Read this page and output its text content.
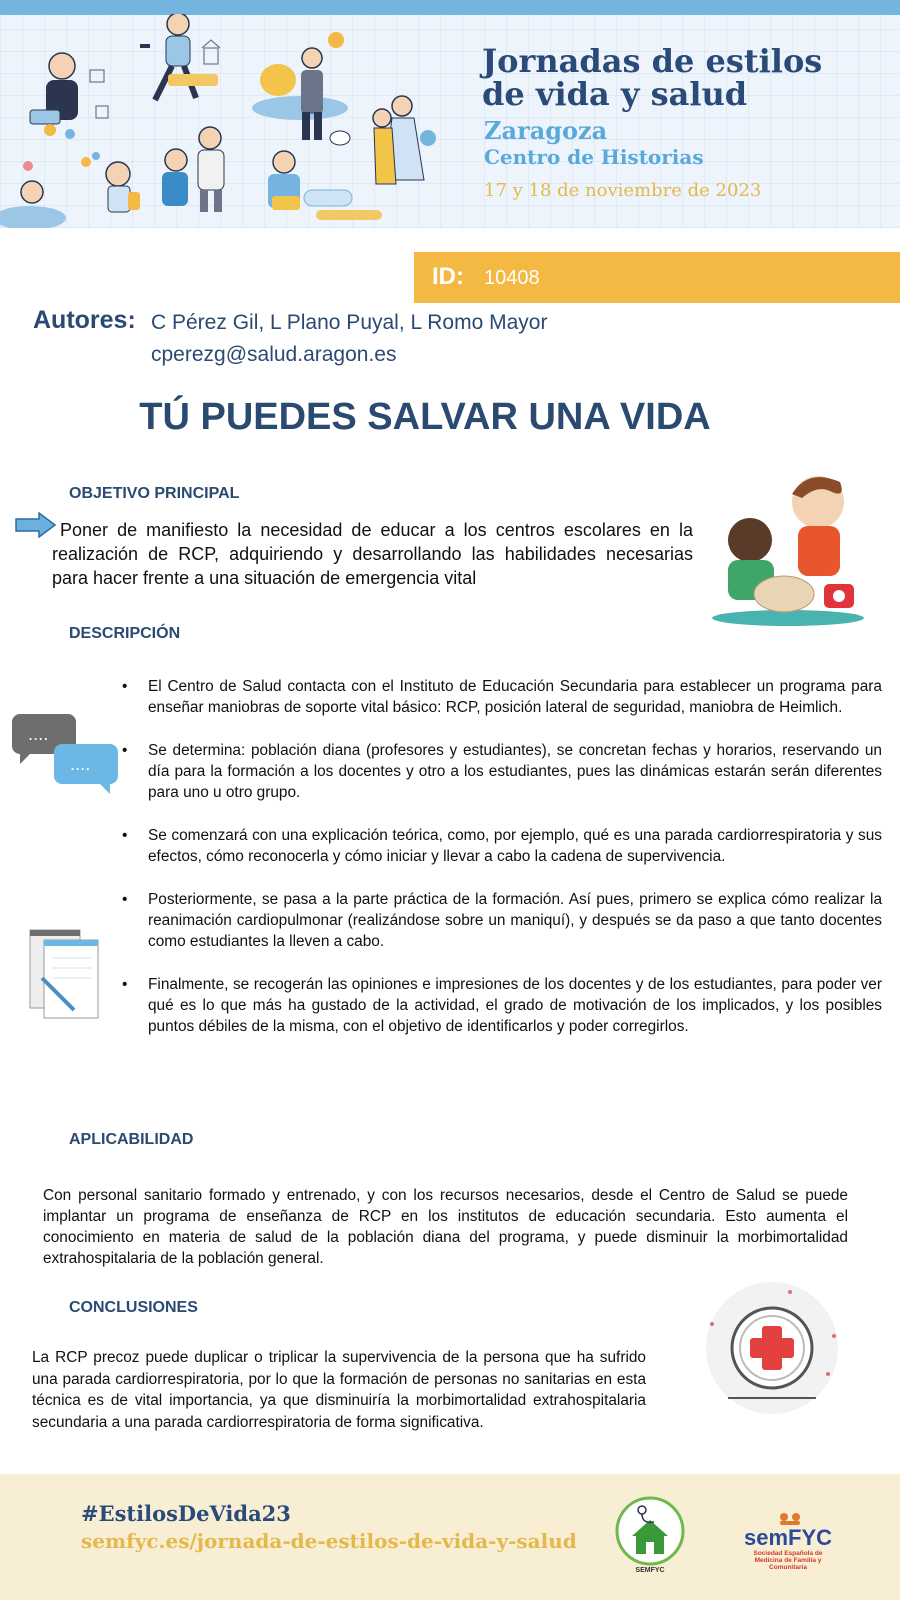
Jornadas de estilos
de vida y salud
Zaragoza
Centro de Historias
17 y 18 de noviembre de 2023
ID: 10408
Autores: C Pérez Gil, L Plano Puyal, L Romo Mayor
cperezg@salud.aragon.es
TÚ PUEDES SALVAR UNA VIDA
OBJETIVO PRINCIPAL
Poner de manifiesto la necesidad de educar a los centros escolares en la realización de RCP, adquiriendo y desarrollando las habilidades necesarias para hacer frente a una situación de emergencia vital
DESCRIPCIÓN
....
....
• El Centro de Salud contacta con el Instituto de Educación Secundaria para establecer un programa para enseñar maniobras de soporte vital básico: RCP, posición lateral de seguridad, maniobra de Heimlich.
• Se determina: población diana (profesores y estudiantes), se concretan fechas y horarios, reservando un día para la formación a los docentes y otro a los estudiantes, pues las dinámicas estarán serán diferentes para uno u otro grupo.
• Se comenzará con una explicación teórica, como, por ejemplo, qué es una parada cardiorrespiratoria y sus efectos, cómo reconocerla y cómo iniciar y llevar a cabo la cadena de supervivencia.
• Posteriormente, se pasa a la parte práctica de la formación. Así pues, primero se explica cómo realizar la reanimación cardiopulmonar (realizándose sobre un maniquí), y después se da paso a que tanto docentes como estudiantes la lleven a cabo.
• Finalmente, se recogerán las opiniones e impresiones de los docentes y de los estudiantes, para poder ver qué es lo que más ha gustado de la actividad, el grado de motivación de los implicados, y los posibles puntos débiles de la misma, con el objetivo de identificarlos y poder corregirlos.
APLICABILIDAD
Con personal sanitario formado y entrenado, y con los recursos necesarios, desde el Centro de Salud se puede implantar un programa de enseñanza de RCP en los institutos de educación secundaria. Esto aumenta el conocimiento en materia de salud de la población diana del programa, y puede disminuir la morbimortalidad extrahospitalaria de la población general.
CONCLUSIONES
La RCP precoz puede duplicar o triplicar la supervivencia de la persona que ha sufrido una parada cardiorrespiratoria, por lo que la formación de personas no sanitarias en esta técnica es de vital importancia, ya que disminuiría la morbimortalidad extrahospitalaria secundaria a una parada cardiorrespiratoria de forma significativa.
#EstilosDeVida23
semfyc.es/jornada-de-estilos-de-vida-y-salud
SEMFYC
semFYC
Sociedad Española de Medicina de Familia y Comunitaria
